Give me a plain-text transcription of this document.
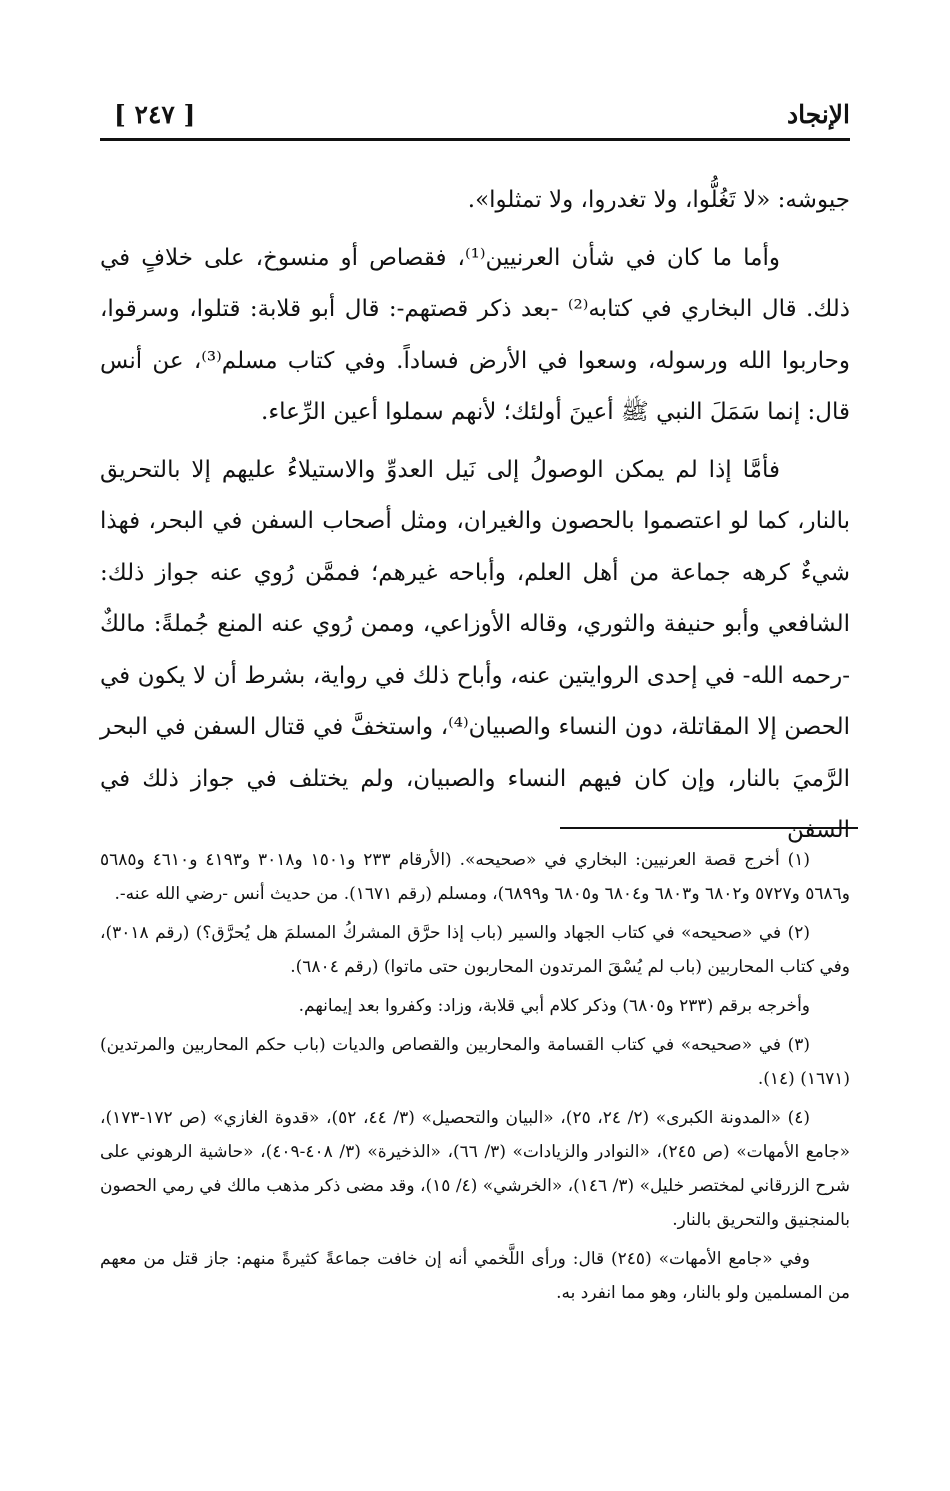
الإنجاد
[ ٢٤٧ ]

جيوشه: «لا تَغُلُّوا، ولا تغدروا، ولا تمثلوا».

وأما ما كان في شأن العرنيين⁽¹⁾، فقصاص أو منسوخ، على خلافٍ في ذلك. قال البخاري في كتابه⁽²⁾ -بعد ذكر قصتهم-: قال أبو قلابة: قتلوا، وسرقوا، وحاربوا الله ورسوله، وسعوا في الأرض فساداً. وفي كتاب مسلم⁽³⁾، عن أنس قال: إنما سَمَلَ النبي ﷺ أعينَ أولئك؛ لأنهم سملوا أعين الرِّعاء.

فأمَّا إذا لم يمكن الوصولُ إلى نَيل العدوِّ والاستيلاءُ عليهم إلا بالتحريق بالنار، كما لو اعتصموا بالحصون والغيران، ومثل أصحاب السفن في البحر، فهذا شيءٌ كرهه جماعة من أهل العلم، وأباحه غيرهم؛ فممَّن رُوي عنه جواز ذلك: الشافعي وأبو حنيفة والثوري، وقاله الأوزاعي، وممن رُوي عنه المنع جُملةً: مالكٌ -رحمه الله- في إحدى الروايتين عنه، وأباح ذلك في رواية، بشرط أن لا يكون في الحصن إلا المقاتلة، دون النساء والصبيان⁽⁴⁾، واستخفَّ في قتال السفن في البحر الرَّميَ بالنار، وإن كان فيهم النساء والصبيان، ولم يختلف في جواز ذلك في السفن

(١) أخرج قصة العرنيين: البخاري في «صحيحه». (الأرقام ٢٣٣ و١٥٠١ و٣٠١٨ و٤١٩٣ و٤٦١٠ و٥٦٨٥ و٥٦٨٦ و٥٧٢٧ و٦٨٠٢ و٦٨٠٣ و٦٨٠٤ و٦٨٠٥ و٦٨٩٩)، ومسلم (رقم ١٦٧١). من حديث أنس -رضي الله عنه-.

(٢) في «صحيحه» في كتاب الجهاد والسير (باب إذا حرَّق المشركُ المسلمَ هل يُحرَّق؟) (رقم ٣٠١٨)، وفي كتاب المحاربين (باب لم يُسْقَ المرتدون المحاربون حتى ماتوا) (رقم ٦٨٠٤).

وأخرجه برقم (٢٣٣ و٦٨٠٥) وذكر كلام أبي قلابة، وزاد: وكفروا بعد إيمانهم.

(٣) في «صحيحه» في كتاب القسامة والمحاربين والقصاص والديات (باب حكم المحاربين والمرتدين) (١٦٧١) (١٤).

(٤) «المدونة الكبرى» (٢/ ٢٤، ٢٥)، «البيان والتحصيل» (٣/ ٤٤، ٥٢)، «قدوة الغازي» (ص ١٧٢-١٧٣)، «جامع الأمهات» (ص ٢٤٥)، «النوادر والزيادات» (٣/ ٦٦)، «الذخيرة» (٣/ ٤٠٨-٤٠٩)، «حاشية الرهوني على شرح الزرقاني لمختصر خليل» (٣/ ١٤٦)، «الخرشي» (٤/ ١٥)، وقد مضى ذكر مذهب مالك في رمي الحصون بالمنجنيق والتحريق بالنار.

وفي «جامع الأمهات» (٢٤٥) قال: ورأى اللَّخمي أنه إن خافت جماعةً كثيرةً منهم: جاز قتل من معهم من المسلمين ولو بالنار، وهو مما انفرد به.
